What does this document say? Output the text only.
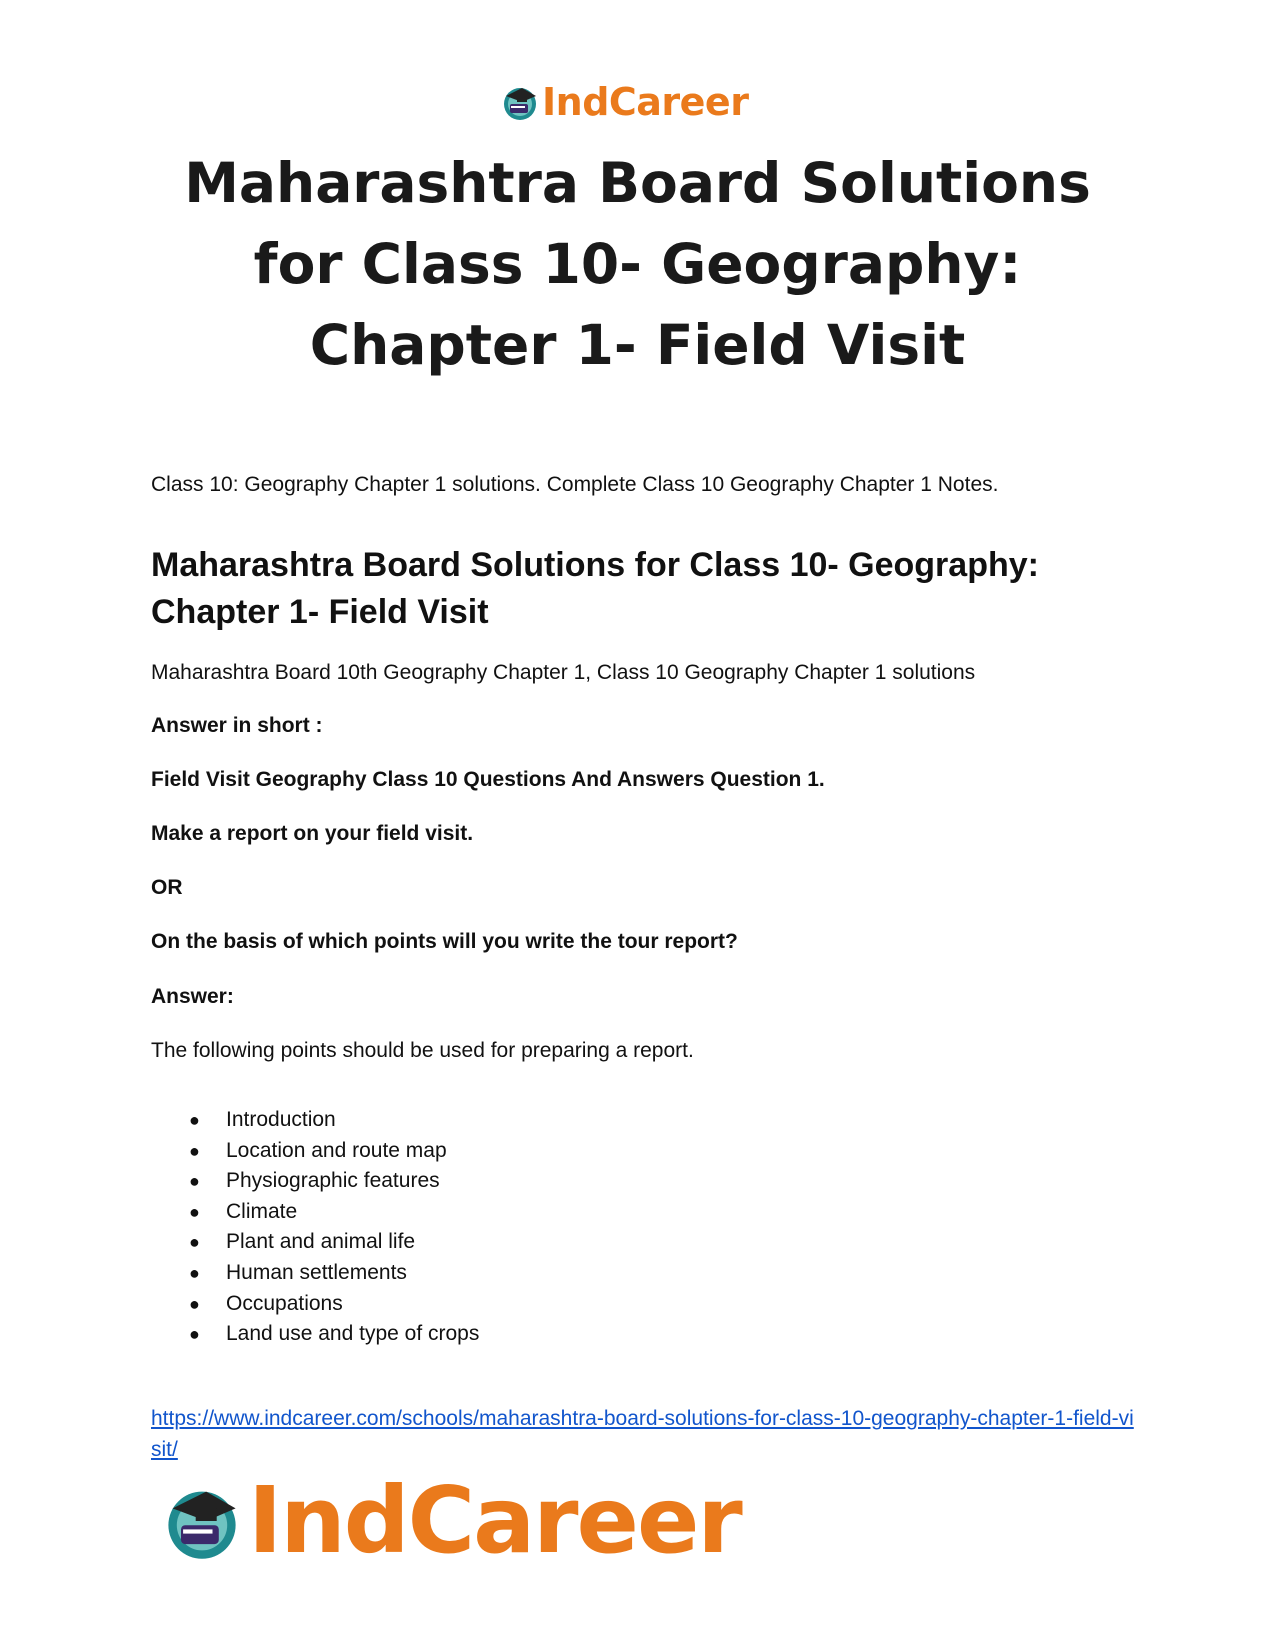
IndCareer
Maharashtra Board Solutions for Class 10- Geography: Chapter 1- Field Visit

Class 10: Geography Chapter 1 solutions. Complete Class 10 Geography Chapter 1 Notes.

Maharashtra Board Solutions for Class 10- Geography: Chapter 1- Field Visit

Maharashtra Board 10th Geography Chapter 1, Class 10 Geography Chapter 1 solutions

Answer in short :

Field Visit Geography Class 10 Questions And Answers Question 1.

Make a report on your field visit.

OR

On the basis of which points will you write the tour report?

Answer:

The following points should be used for preparing a report.

● Introduction
● Location and route map
● Physiographic features
● Climate
● Plant and animal life
● Human settlements
● Occupations
● Land use and type of crops
https://www.indcareer.com/schools/maharashtra-board-solutions-for-class-10-geography-chapter-1-field-visit/
IndCareer
